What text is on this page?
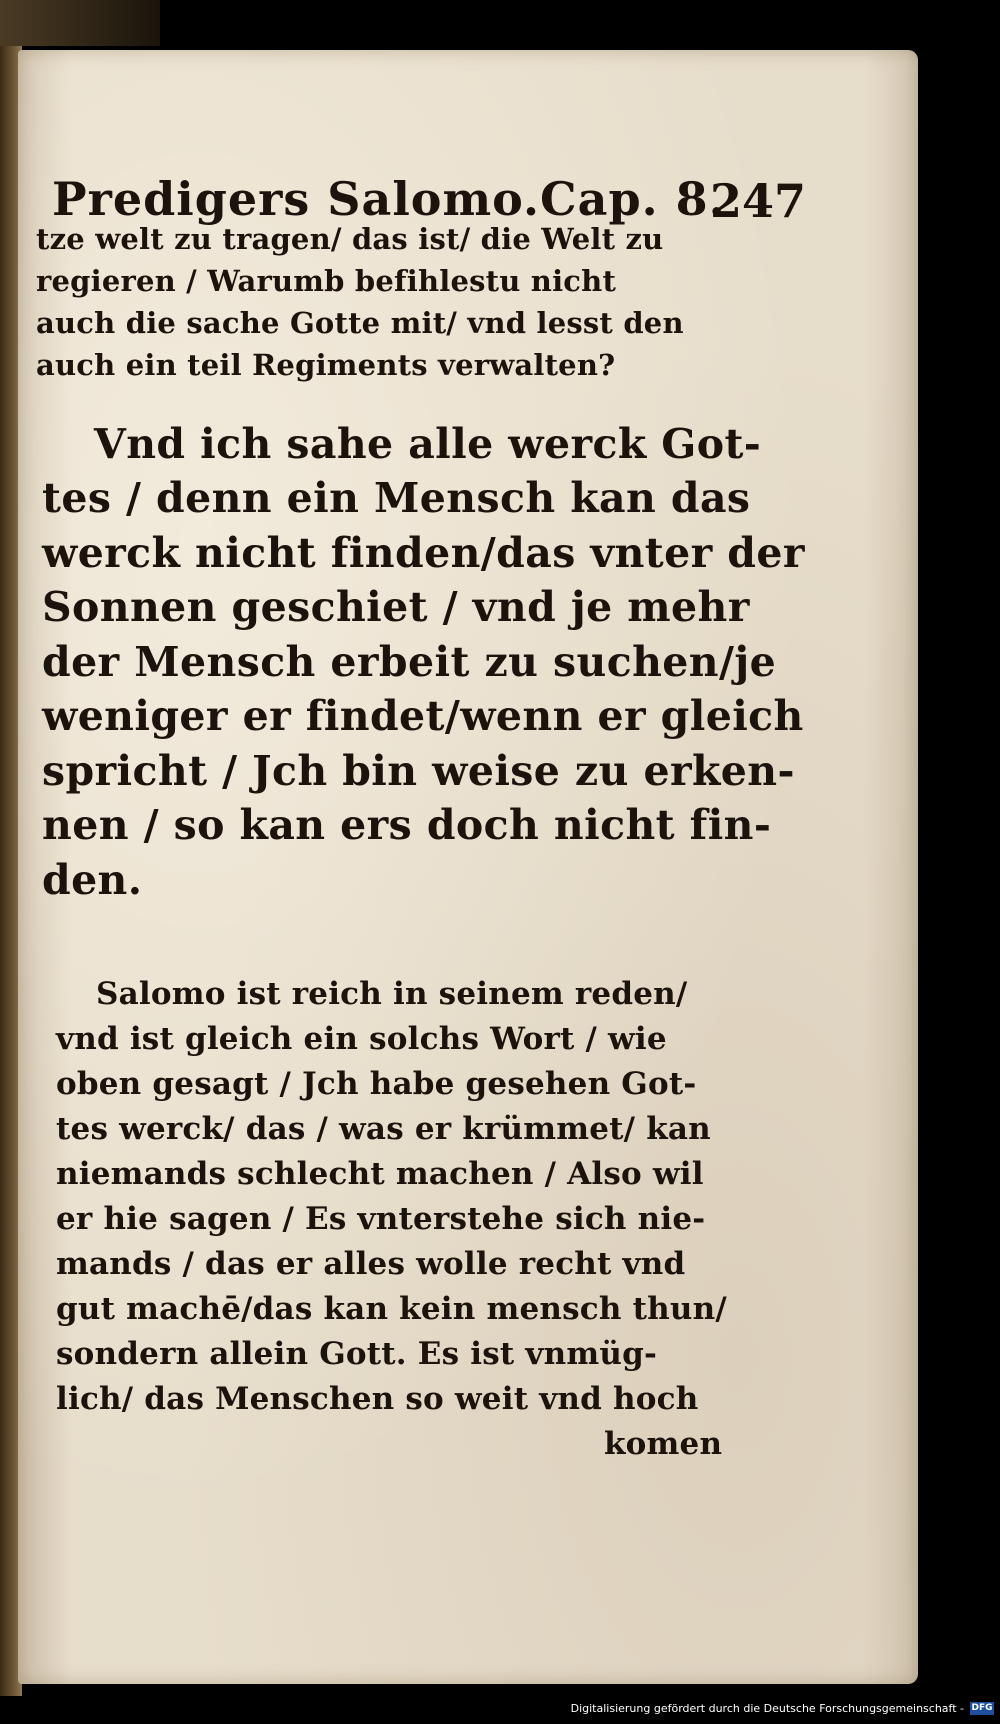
Predigers Salomo.Cap. 8.
247
tze welt zu tragen/ das ist/ die Welt zu
regieren / Warumb befihlestu nicht
auch die sache Gotte mit/ vnd lesst den
auch ein teil Regiments verwalten?
Vnd ich sahe alle werck Got-
tes / denn ein Mensch kan das
werck nicht finden/das vnter der
Sonnen geschiet / vnd je mehr
der Mensch erbeit zu suchen/je
weniger er findet/wenn er gleich
spricht / Jch bin weise zu erken-
nen / so kan ers doch nicht fin-
den.
Salomo ist reich in seinem reden/
vnd ist gleich ein solchs Wort / wie
oben gesagt / Jch habe gesehen Got-
tes werck/ das / was er krümmet/ kan
niemands schlecht machen / Also wil
er hie sagen / Es vnterstehe sich nie-
mands / das er alles wolle recht vnd
gut machē/das kan kein mensch thun/
sondern allein Gott. Es ist vnmüg-
lich/ das Menschen so weit vnd hoch
komen
Digitalisierung gefördert durch die Deutsche Forschungsgemeinschaft - DFG
